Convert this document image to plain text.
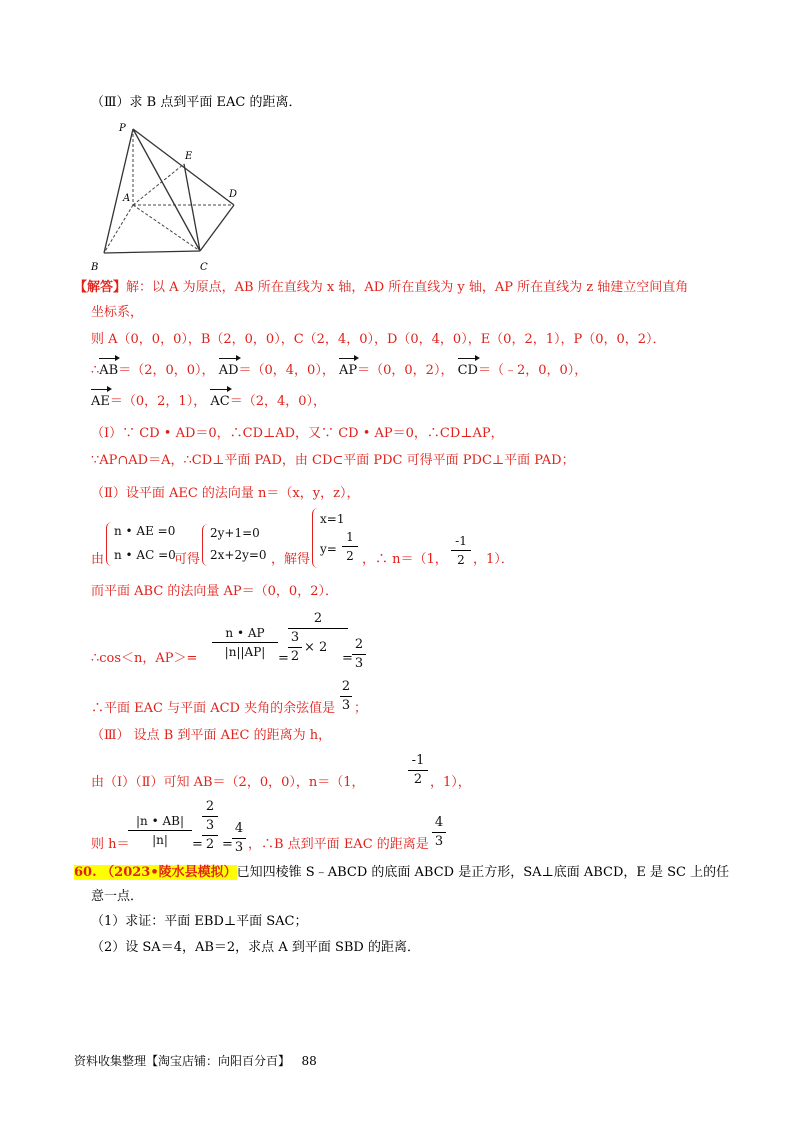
（Ⅲ）求 B 点到平面 EAC 的距离．
P
E
A	D
B	C
【解答】解：以 A 为原点，AB 所在直线为 x 轴，AD 所在直线为 y 轴，AP 所在直线为 z 轴建立空间直角
坐标系，
则 A（0，0，0），B（2，0，0），C（2，4，0），D（0，4，0），E（0，2，1），P（0，0，2）．
∴AB＝（2，0，0）， AD＝（0，4，0）， AP＝（0，0，2）， CD＝（﹣2，0，0），
AE＝（0，2，1）， AC＝（2，4，0），
（Ⅰ）∵ CD • AD＝0，∴CD⊥AD，又∵ CD • AP＝0，∴CD⊥AP，
∵AP∩AD＝A，∴CD⊥平面 PAD，由 CD⊂平面 PDC 可得平面 PDC⊥平面 PAD；
（Ⅱ）设平面 AEC 的法向量 n＝（x，y，z），
由
n • AE =0
n • AC =0
可得
2y+1=0
2x+2y=0 ，解得
x=1
y=
1
2 ，∴ n＝（1，
-1
2 ，1）．
而平面 ABC 的法向量 AP＝（0，0，2）．
∴cos＜n，AP＞=
n • AP
|n||AP| =
2
$\frac{3}{2} \times 2$
=
2
3
∴平面 EAC 与平面 ACD 夹角的余弦值是
2
3 ；
（Ⅲ） 设点 B 到平面 AEC 的距离为 h，
由（Ⅰ）（Ⅱ）可知 AB＝（2，0，0），n＝（1，
-1
2 ，1），
则 h＝
|n • AB|
|n|	=
2
3
2 =
4
3 ，∴B 点到平面 EAC 的距离是
4
3
60. （2023•陵水县模拟）已知四棱锥 S﹣ABCD 的底面 ABCD 是正方形，SA⊥底面 ABCD，E 是 SC 上的任
意一点．
（1）求证：平面 EBD⊥平面 SAC；
（2）设 SA＝4，AB＝2，求点 A 到平面 SBD 的距离．
资料收集整理【淘宝店铺：向阳百分百】 88
